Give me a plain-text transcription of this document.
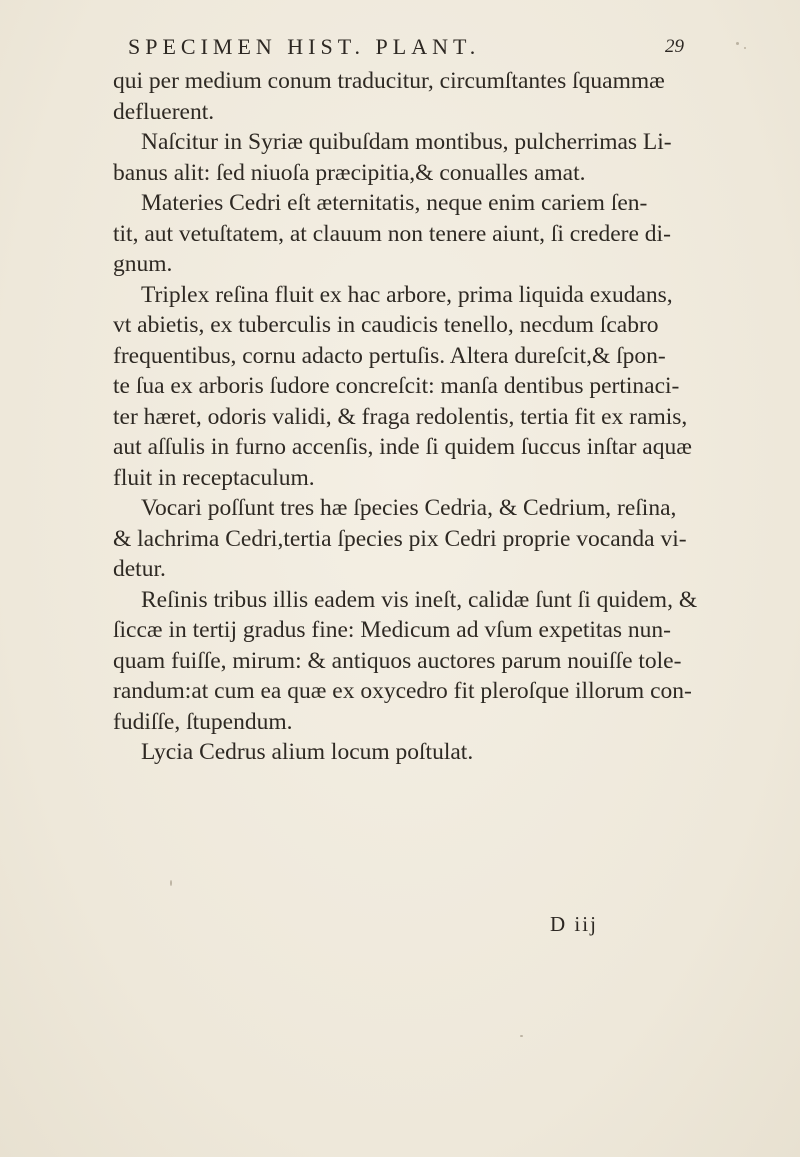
SPECIMEN HIST. PLANT.	29
qui per medium conum traducitur, circumſtantes ſquammæ
defluerent.
Naſcitur in Syriæ quibuſdam montibus, pulcherrimas Li-
banus alit: ſed niuoſa præcipitia,& conualles amat.
Materies Cedri eſt æternitatis, neque enim cariem ſen-
tit, aut vetuſtatem, at clauum non tenere aiunt, ſi credere di-
gnum.
Triplex reſina fluit ex hac arbore, prima liquida exudans,
vt abietis, ex tuberculis in caudicis tenello, necdum ſcabro
frequentibus, cornu adacto pertuſis. Altera dureſcit,& ſpon-
te ſua ex arboris ſudore concreſcit: manſa dentibus pertinaci-
ter hæret, odoris validi, & fraga redolentis, tertia fit ex ramis,
aut aſſulis in furno accenſis, inde ſi quidem ſuccus inſtar aquæ
fluit in receptaculum.
Vocari poſſunt tres hæ ſpecies Cedria, & Cedrium, reſina,
& lachrima Cedri,tertia ſpecies pix Cedri proprie vocanda vi-
detur.
Reſinis tribus illis eadem vis ineſt, calidæ ſunt ſi quidem, &
ſiccæ in tertij gradus fine: Medicum ad vſum expetitas nun-
quam fuiſſe, mirum: & antiquos auctores parum nouiſſe tole-
randum:at cum ea quæ ex oxycedro fit pleroſque illorum con-
fudiſſe, ſtupendum.
Lycia Cedrus alium locum poſtulat.
D iij
